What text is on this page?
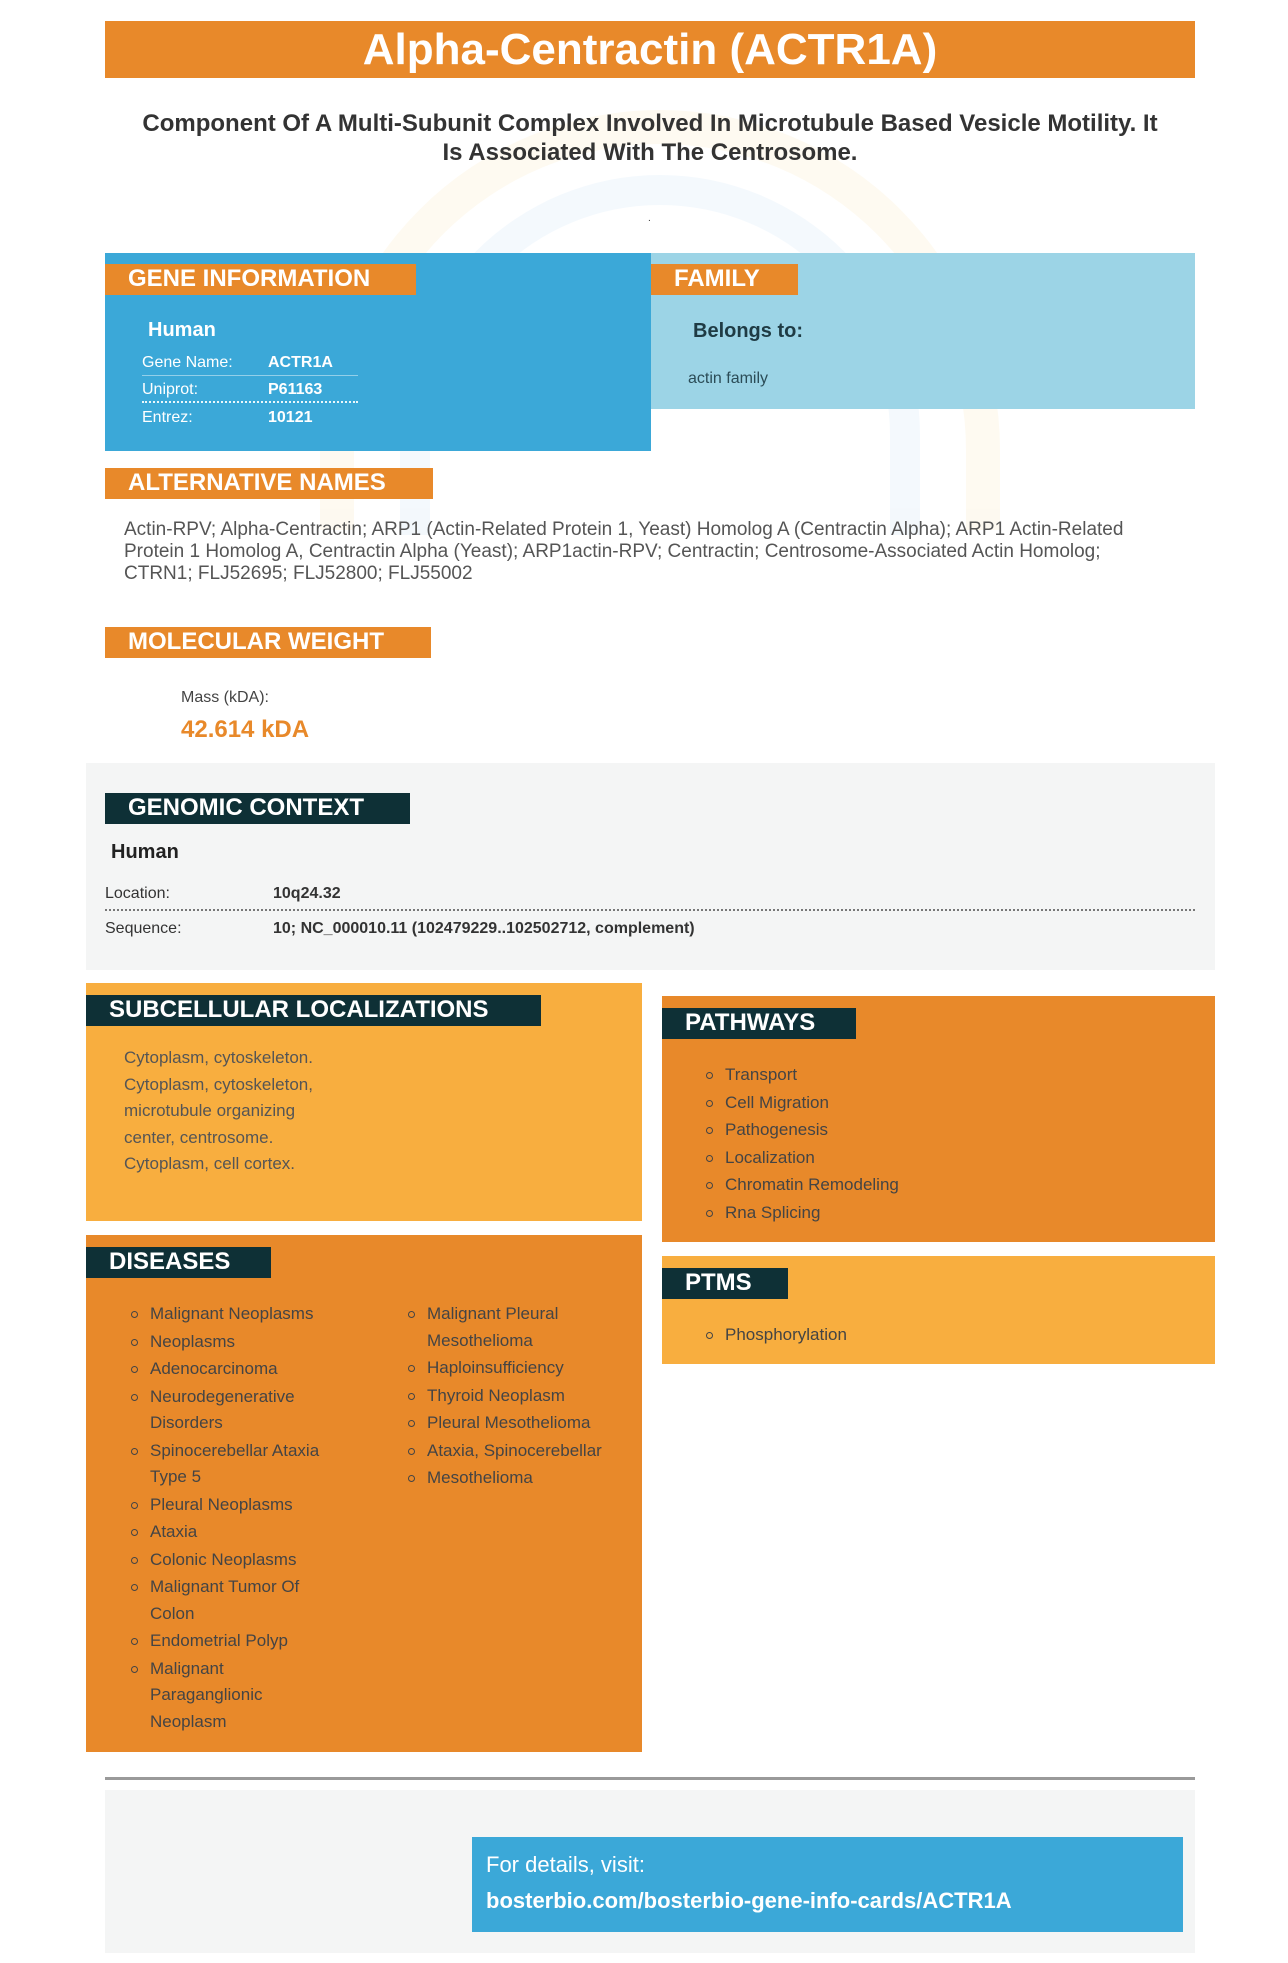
Alpha-Centractin (ACTR1A)
Component Of A Multi-Subunit Complex Involved In Microtubule Based Vesicle Motility. It Is Associated With The Centrosome.
.
GENE INFORMATION
Human
Gene Name:	ACTR1A
Uniprot:	P61163
Entrez:	10121
FAMILY
Belongs to:
actin family
ALTERNATIVE NAMES
Actin-RPV; Alpha-Centractin; ARP1 (Actin-Related Protein 1, Yeast) Homolog A (Centractin Alpha); ARP1 Actin-Related Protein 1 Homolog A, Centractin Alpha (Yeast); ARP1actin-RPV; Centractin; Centrosome-Associated Actin Homolog; CTRN1; FLJ52695; FLJ52800; FLJ55002
MOLECULAR WEIGHT
Mass (kDA):
42.614 kDA
GENOMIC CONTEXT
Human
Location:	10q24.32
Sequence:	10; NC_000010.11 (102479229..102502712, complement)
SUBCELLULAR LOCALIZATIONS
Cytoplasm, cytoskeleton.
Cytoplasm, cytoskeleton,
microtubule organizing
center, centrosome.
Cytoplasm, cell cortex.
DISEASES
Malignant Neoplasms
Neoplasms
Adenocarcinoma
Neurodegenerative Disorders
Spinocerebellar Ataxia Type 5
Pleural Neoplasms
Ataxia
Colonic Neoplasms
Malignant Tumor Of Colon
Endometrial Polyp
Malignant Paraganglionic Neoplasm
Malignant Pleural Mesothelioma
Haploinsufficiency
Thyroid Neoplasm
Pleural Mesothelioma
Ataxia, Spinocerebellar
Mesothelioma
PATHWAYS
Transport
Cell Migration
Pathogenesis
Localization
Chromatin Remodeling
Rna Splicing
PTMS
Phosphorylation
For details, visit:
bosterbio.com/bosterbio-gene-info-cards/ACTR1A
